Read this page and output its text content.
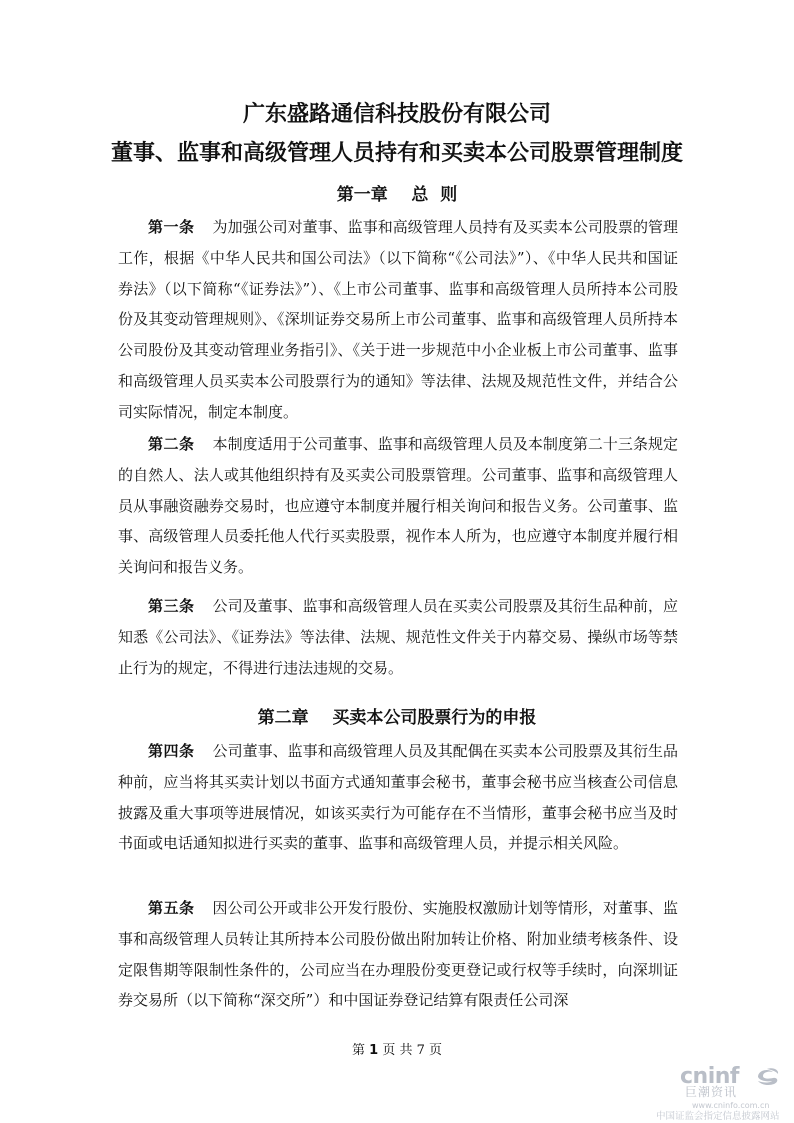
广东盛路通信科技股份有限公司
董事、监事和高级管理人员持有和买卖本公司股票管理制度
第一章    总  则

第一条 为加强公司对董事、监事和高级管理人员持有及买卖本公司股票的管理工作，根据《中华人民共和国公司法》（以下简称“《公司法》”）、《中华人民共和国证券法》（以下简称“《证券法》”）、《上市公司董事、监事和高级管理人员所持本公司股份及其变动管理规则》、《深圳证券交易所上市公司董事、监事和高级管理人员所持本公司股份及其变动管理业务指引》、《关于进一步规范中小企业板上市公司董事、监事和高级管理人员买卖本公司股票行为的通知》等法律、法规及规范性文件，并结合公司实际情况，制定本制度。

第二条 本制度适用于公司董事、监事和高级管理人员及本制度第二十三条规定的自然人、法人或其他组织持有及买卖公司股票管理。公司董事、监事和高级管理人员从事融资融券交易时，也应遵守本制度并履行相关询问和报告义务。公司董事、监事、高级管理人员委托他人代行买卖股票，视作本人所为，也应遵守本制度并履行相关询问和报告义务。

第三条 公司及董事、监事和高级管理人员在买卖公司股票及其衍生品种前，应知悉《公司法》、《证券法》等法律、法规、规范性文件关于内幕交易、操纵市场等禁止行为的规定，不得进行违法违规的交易。

第二章    买卖本公司股票行为的申报

第四条 公司董事、监事和高级管理人员及其配偶在买卖本公司股票及其衍生品种前，应当将其买卖计划以书面方式通知董事会秘书，董事会秘书应当核查公司信息披露及重大事项等进展情况，如该买卖行为可能存在不当情形，董事会秘书应当及时书面或电话通知拟进行买卖的董事、监事和高级管理人员，并提示相关风险。

第五条 因公司公开或非公开发行股份、实施股权激励计划等情形，对董事、监事和高级管理人员转让其所持本公司股份做出附加转让价格、附加业绩考核条件、设定限售期等限制性条件的，公司应当在办理股份变更登记或行权等手续时，向深圳证券交易所（以下简称“深交所”）和中国证券登记结算有限责任公司深

第 1 页 共 7 页
cninf
巨潮资讯
www.cninfo.com.cn
中国证监会指定信息披露网站
